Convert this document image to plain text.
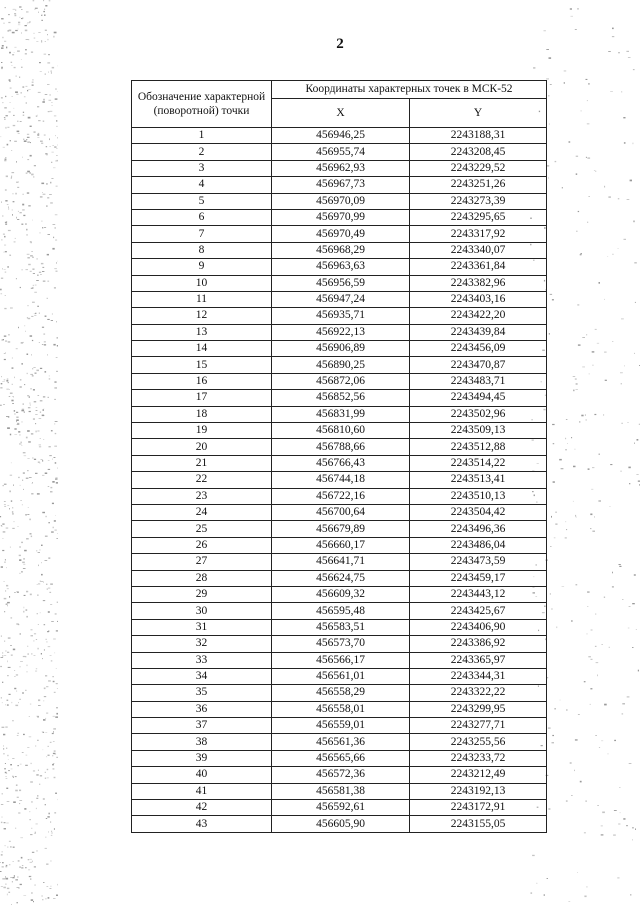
2
Обозначение характерной (поворотной) точки	Координаты характерных точек в МСК-52	
	X	Y
1	456946,25	2243188,31
2	456955,74	2243208,45
3	456962,93	2243229,52
4	456967,73	2243251,26
5	456970,09	2243273,39
6	456970,99	2243295,65
7	456970,49	2243317,92
8	456968,29	2243340,07
9	456963,63	2243361,84
10	456956,59	2243382,96
11	456947,24	2243403,16
12	456935,71	2243422,20
13	456922,13	2243439,84
14	456906,89	2243456,09
15	456890,25	2243470,87
16	456872,06	2243483,71
17	456852,56	2243494,45
18	456831,99	2243502,96
19	456810,60	2243509,13
20	456788,66	2243512,88
21	456766,43	2243514,22
22	456744,18	2243513,41
23	456722,16	2243510,13
24	456700,64	2243504,42
25	456679,89	2243496,36
26	456660,17	2243486,04
27	456641,71	2243473,59
28	456624,75	2243459,17
29	456609,32	2243443,12
30	456595,48	2243425,67
31	456583,51	2243406,90
32	456573,70	2243386,92
33	456566,17	2243365,97
34	456561,01	2243344,31
35	456558,29	2243322,22
36	456558,01	2243299,95
37	456559,01	2243277,71
38	456561,36	2243255,56
39	456565,66	2243233,72
40	456572,36	2243212,49
41	456581,38	2243192,13
42	456592,61	2243172,91
43	456605,90	2243155,05
